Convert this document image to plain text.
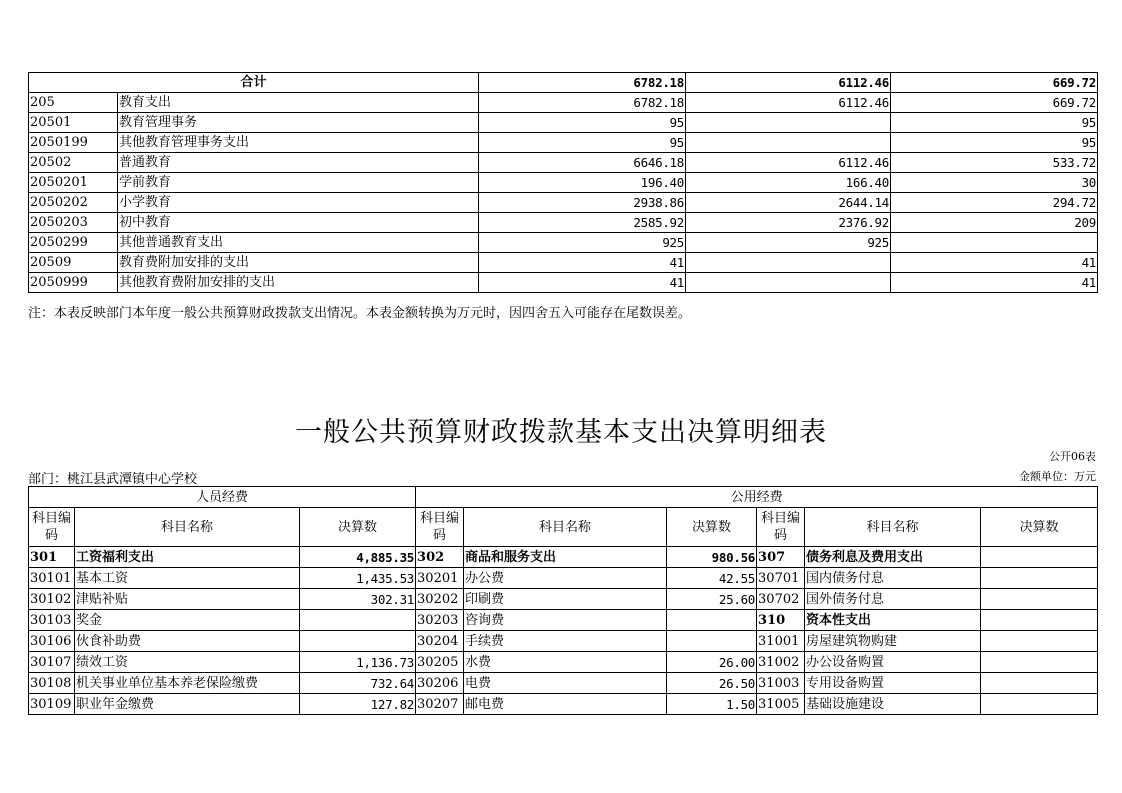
合计		6782.18	6112.46	669.72
205	教育支出	6782.18	6112.46	669.72
20501	教育管理事务	95		95
2050199	其他教育管理事务支出	95		95
20502	普通教育	6646.18	6112.46	533.72
2050201	学前教育	196.40	166.40	30
2050202	小学教育	2938.86	2644.14	294.72
2050203	初中教育	2585.92	2376.92	209
2050299	其他普通教育支出	925	925	
20509	教育费附加安排的支出	41		41
2050999	其他教育费附加安排的支出	41		41
注：本表反映部门本年度一般公共预算财政拨款支出情况。本表金额转换为万元时，因四舍五入可能存在尾数误差。
一般公共预算财政拨款基本支出决算明细表
公开06表
部门：桃江县武潭镇中心学校	金额单位：万元
人员经费			公用经费					
科目编码	科目名称	决算数	科目编码	科目名称	决算数	科目编码	科目名称	决算数
301	工资福利支出	4,885.35	302	商品和服务支出	980.56	307	债务利息及费用支出	
30101	基本工资	1,435.53	30201	办公费	42.55	30701	国内债务付息	
30102	津贴补贴	302.31	30202	印刷费	25.60	30702	国外债务付息	
30103	奖金		30203	咨询费		310	资本性支出	
30106	伙食补助费		30204	手续费		31001	房屋建筑物购建	
30107	绩效工资	1,136.73	30205	水费	26.00	31002	办公设备购置	
30108	机关事业单位基本养老保险缴费	732.64	30206	电费	26.50	31003	专用设备购置	
30109	职业年金缴费	127.82	30207	邮电费	1.50	31005	基础设施建设	
